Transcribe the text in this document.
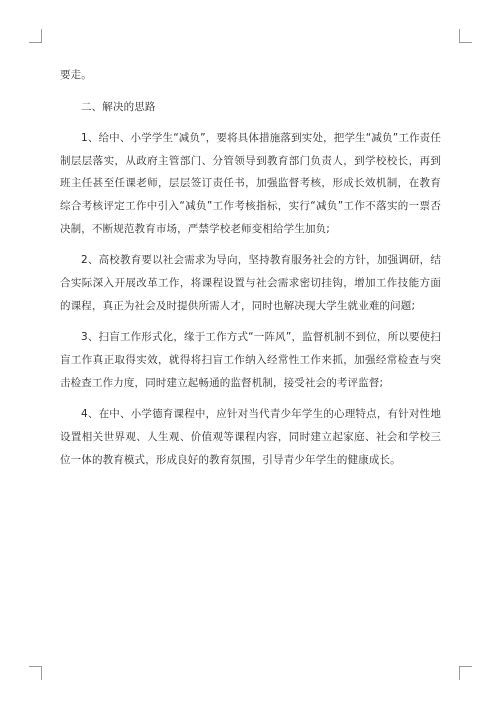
要走。

二、解决的思路

1、给中、小学学生“减负”，要将具体措施落到实处，把学生“减负”工作责任制层层落实，从政府主管部门、分管领导到教育部门负责人，到学校校长，再到班主任甚至任课老师，层层签订责任书，加强监督考核，形成长效机制，在教育综合考核评定工作中引入“减负”工作考核指标，实行“减负”工作不落实的一票否决制，不断规范教育市场，严禁学校老师变相给学生加负;

2、高校教育要以社会需求为导向，坚持教育服务社会的方针，加强调研，结合实际深入开展改革工作，将课程设置与社会需求密切挂钩，增加工作技能方面的课程，真正为社会及时提供所需人才，同时也解决现大学生就业难的问题;

3、扫盲工作形式化，缘于工作方式“一阵风”，监督机制不到位，所以要使扫盲工作真正取得实效，就得将扫盲工作纳入经常性工作来抓，加强经常检查与突击检查工作力度，同时建立起畅通的监督机制，接受社会的考评监督;

4、在中、小学德育课程中，应针对当代青少年学生的心理特点，有针对性地设置相关世界观、人生观、价值观等课程内容，同时建立起家庭、社会和学校三位一体的教育模式，形成良好的教育氛围，引导青少年学生的健康成长。
